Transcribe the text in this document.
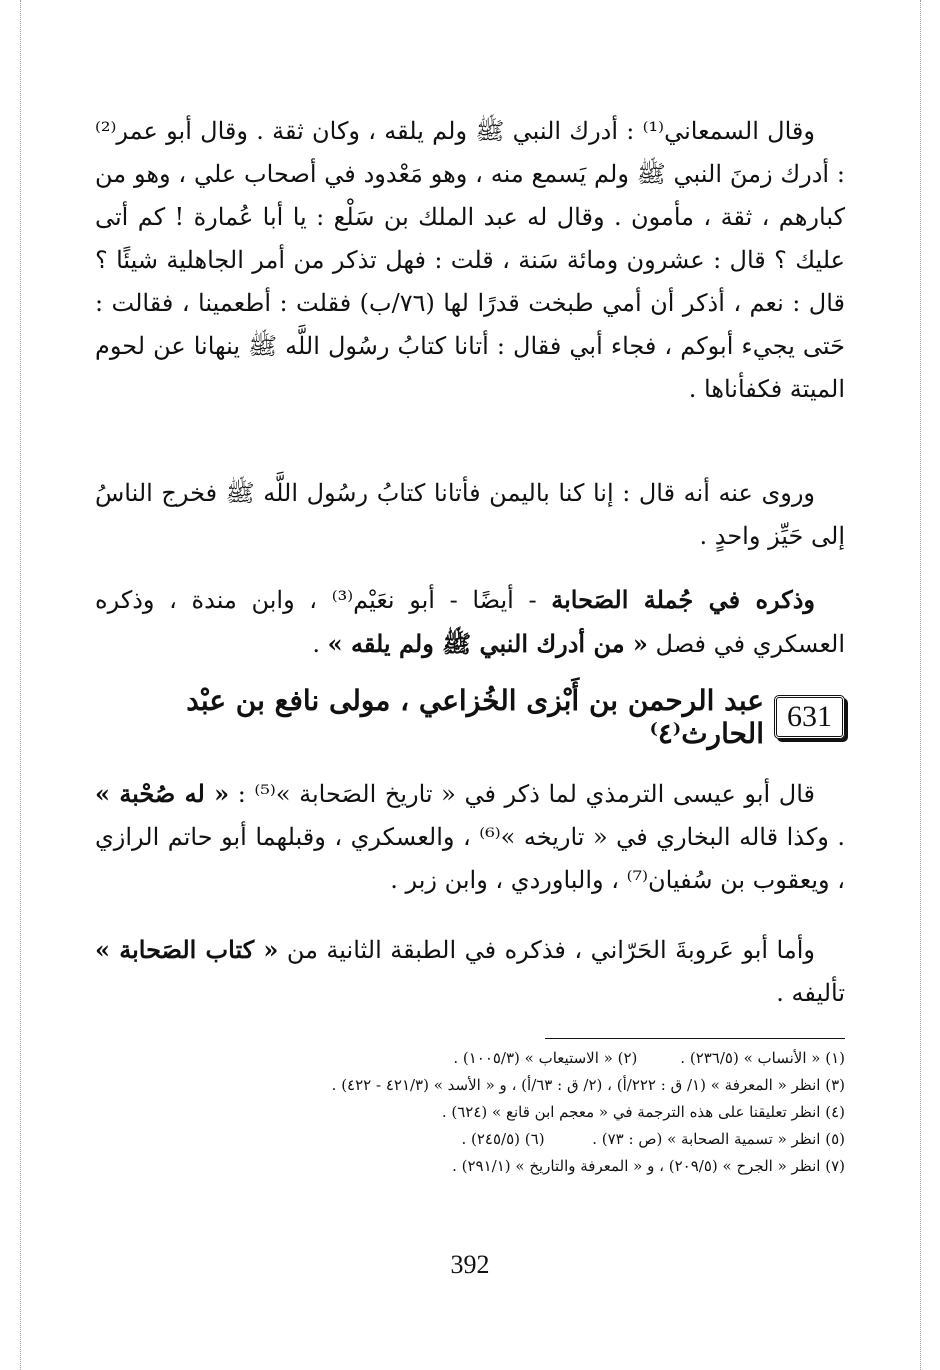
وقال السمعاني⁽¹⁾ : أدرك النبي ﷺ ولم يلقه ، وكان ثقة . وقال أبو عمر⁽²⁾ : أدرك زمنَ النبي ﷺ ولم يَسمع منه ، وهو مَعْدود في أصحاب علي ، وهو من كبارهم ، ثقة ، مأمون . وقال له عبد الملك بن سَلْع : يا أبا عُمارة ! كم أتى عليك ؟ قال : عشرون ومائة سَنة ، قلت : فهل تذكر من أمر الجاهلية شيئًا ؟ قال : نعم ، أذكر أن أمي طبخت قدرًا لها (٧٦/ب) فقلت : أطعمينا ، فقالت : حَتى يجيء أبوكم ، فجاء أبي فقال : أتانا كتابُ رسُول اللَّه ﷺ ينهانا عن لحوم الميتة فكفأناها .

وروى عنه أنه قال : إنا كنا باليمن فأتانا كتابُ رسُول اللَّه ﷺ فخرج الناسُ إلى حَيِّز واحدٍ .

وذكره في جُملة الصَحابة - أيضًا - أبو نعَيْم⁽³⁾ ، وابن مندة ، وذكره العسكري في فصل « من أدرك النبي ﷺ ولم يلقه » .

631
عبد الرحمن بن أَبْزى الخُزاعي ، مولى نافع بن عبْد الحارث⁽٤⁾

قال أبو عيسى الترمذي لما ذكر في « تاريخ الصَحابة »⁽⁵⁾ : « له صُحْبة » . وكذا قاله البخاري في « تاريخه »⁽⁶⁾ ، والعسكري ، وقبلهما أبو حاتم الرازي ، ويعقوب بن سُفيان⁽⁷⁾ ، والباوردي ، وابن زبر .

وأما أبو عَروبةَ الحَرّاني ، فذكره في الطبقة الثانية من « كتاب الصَحابة » تأليفه .

(١) « الأنساب » (٢٣٦/٥) .         (٢) « الاستيعاب » (١٠٠٥/٣) .
(٣) انظر « المعرفة » (١/ ق : ٢٢٢/أ) ، (٢/ ق : ٦٣/أ) ، و « الأسد » (٤٢١/٣ - ٤٢٢) .
(٤) انظر تعليقنا على هذه الترجمة في « معجم ابن قانع » (٦٢٤) .
(٥) انظر « تسمية الصحابة » (ص : ٧٣) .          (٦) (٢٤٥/٥) .
(٧) انظر « الجرح » (٢٠٩/٥) ، و « المعرفة والتاريخ » (٢٩١/١) .
392
